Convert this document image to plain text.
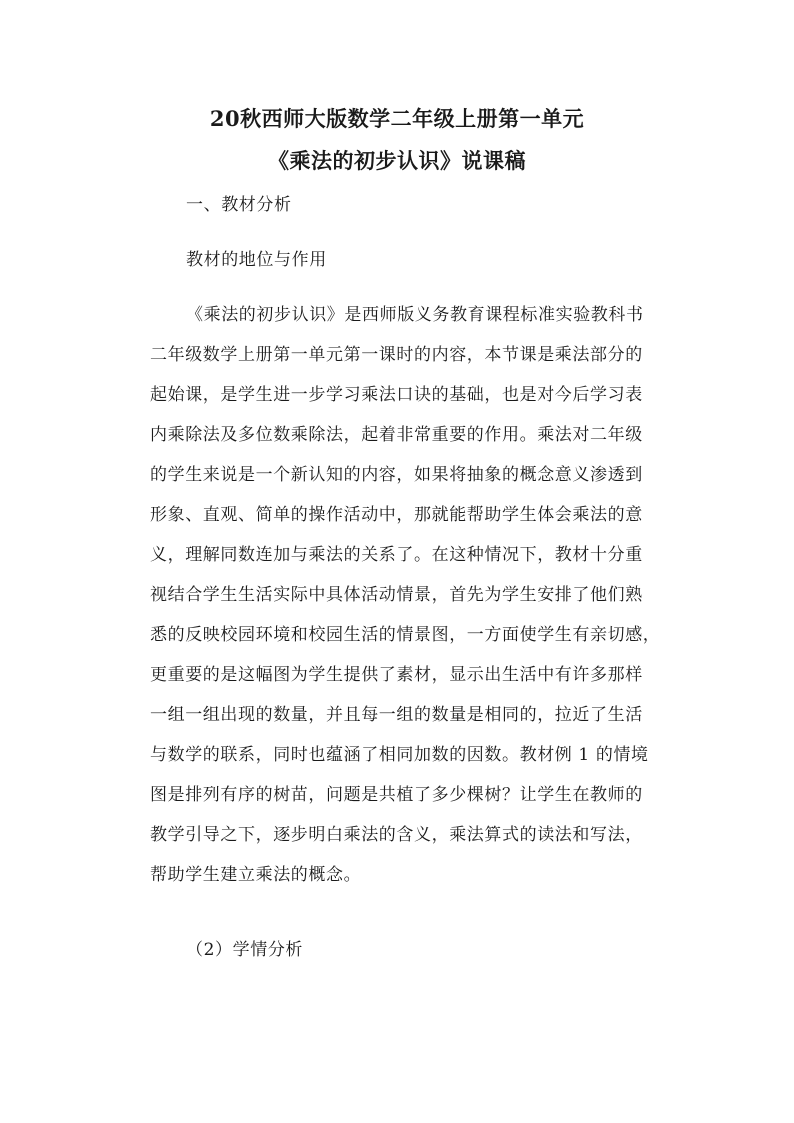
20秋西师大版数学二年级上册第一单元
《乘法的初步认识》说课稿
一、教材分析
教材的地位与作用
《乘法的初步认识》是西师版义务教育课程标准实验教科书
二年级数学上册第一单元第一课时的内容，本节课是乘法部分的
起始课，是学生进一步学习乘法口诀的基础，也是对今后学习表
内乘除法及多位数乘除法，起着非常重要的作用。乘法对二年级
的学生来说是一个新认知的内容，如果将抽象的概念意义渗透到
形象、直观、简单的操作活动中，那就能帮助学生体会乘法的意
义，理解同数连加与乘法的关系了。在这种情况下，教材十分重
视结合学生生活实际中具体活动情景，首先为学生安排了他们熟
悉的反映校园环境和校园生活的情景图，一方面使学生有亲切感，
更重要的是这幅图为学生提供了素材，显示出生活中有许多那样
一组一组出现的数量，并且每一组的数量是相同的，拉近了生活
与数学的联系，同时也蕴涵了相同加数的因数。教材例 1 的情境
图是排列有序的树苗，问题是共植了多少棵树？让学生在教师的
教学引导之下，逐步明白乘法的含义，乘法算式的读法和写法，
帮助学生建立乘法的概念。
（2）学情分析
